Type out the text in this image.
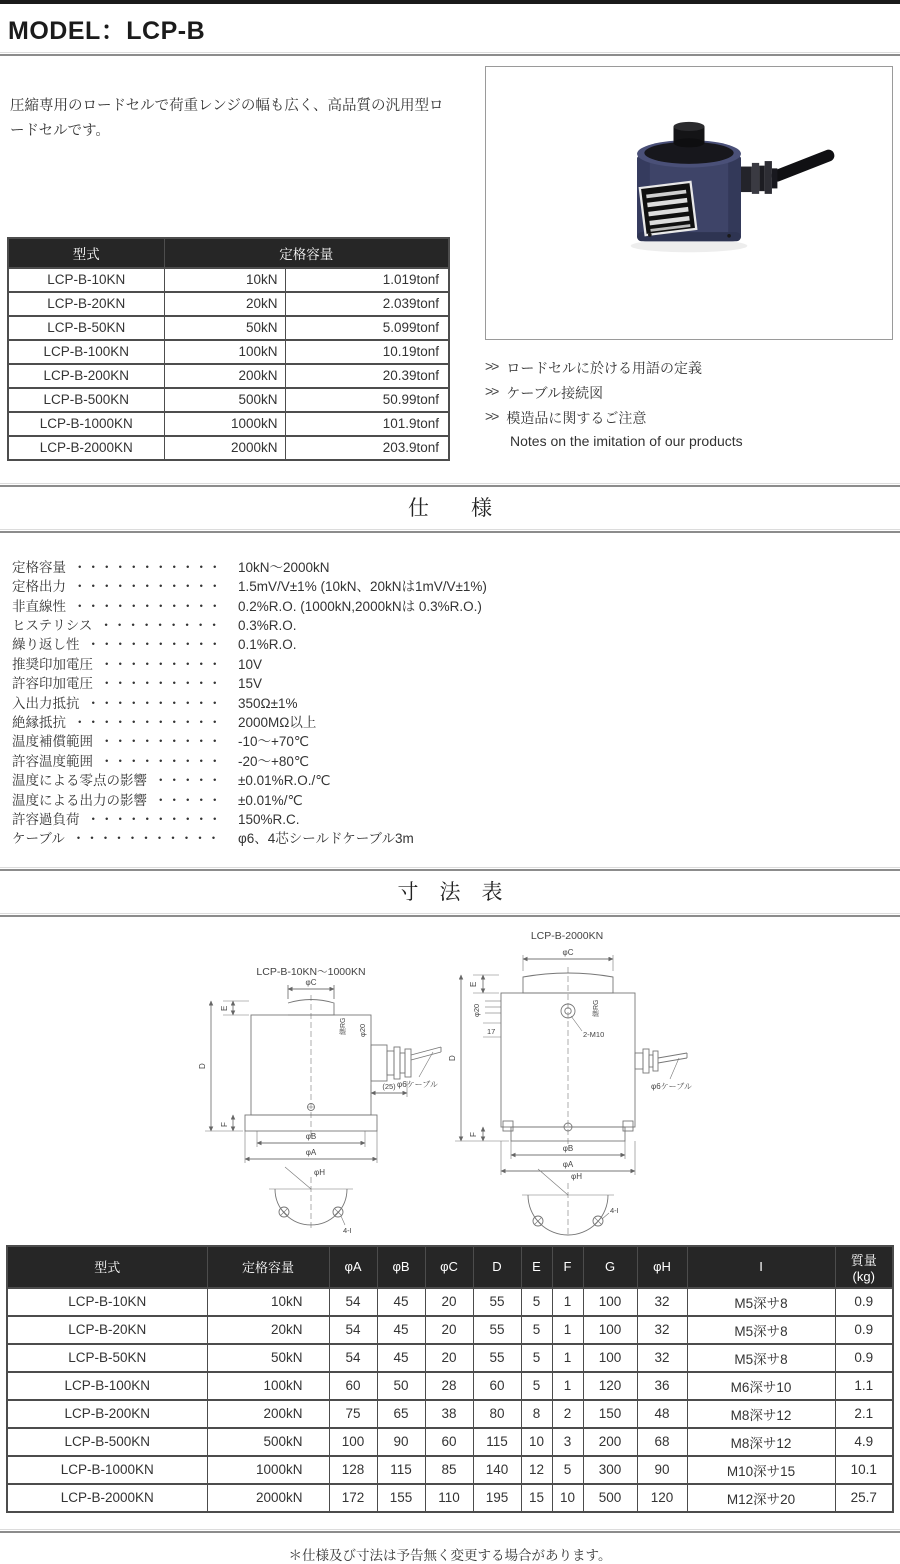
MODEL：LCP-B

圧縮専用のロードセルで荷重レンジの幅も広く、高品質の汎用型ロードセルです。

型式	定格容量	
LCP-B-10KN	10kN	1.019tonf
LCP-B-20KN	20kN	2.039tonf
LCP-B-50KN	50kN	5.099tonf
LCP-B-100KN	100kN	10.19tonf
LCP-B-200KN	200kN	20.39tonf
LCP-B-500KN	500kN	50.99tonf
LCP-B-1000KN	1000kN	101.9tonf
LCP-B-2000KN	2000kN	203.9tonf
>> ロードセルに於ける用語の定義
>> ケーブル接続図
>> 模造品に関するご注意
Notes on the imitation of our products
仕　　様
定格容量 ・・・・・・・・・・・	10kN～2000kN
定格出力 ・・・・・・・・・・・	1.5mV/V±1% (10kN、20kNは1mV/V±1%)
非直線性 ・・・・・・・・・・・	0.2%R.O. (1000kN,2000kNは 0.3%R.O.)
ヒステリシス ・・・・・・・・・	0.3%R.O.
繰り返し性 ・・・・・・・・・・	0.1%R.O.
推奨印加電圧 ・・・・・・・・・	10V
許容印加電圧 ・・・・・・・・・	15V
入出力抵抗 ・・・・・・・・・・	350Ω±1%
絶縁抵抗 ・・・・・・・・・・・	2000MΩ以上
温度補償範囲 ・・・・・・・・・	-10～+70℃
許容温度範囲 ・・・・・・・・・	-20～+80℃
温度による零点の影響 ・・・・・	±0.01%R.O./℃
温度による出力の影響 ・・・・・	±0.01%/℃
許容過負荷 ・・・・・・・・・・	150%R.C.
ケーブル ・・・・・・・・・・・	φ6、4芯シールドケーブル3m
寸　法　表
LCP-B-10KN～1000KN
φC
E
D
F
φ6ケーブル
φ20
継RG
(25)
φB
φA
φH
4-I
LCP-B-2000KN
φC
2-M10
継RG
φ20
17
E
D
F
φ6ケーブル
φB
φA
φH
4-I
型式	定格容量	φA	φB	φC	D	E	F	G	φH	I	質量
(kg)

LCP-B-10KN	10kN	54	45	20	55	5	1	100	32	M5深サ8	0.9
LCP-B-20KN	20kN	54	45	20	55	5	1	100	32	M5深サ8	0.9
LCP-B-50KN	50kN	54	45	20	55	5	1	100	32	M5深サ8	0.9
LCP-B-100KN	100kN	60	50	28	60	5	1	120	36	M6深サ10	1.1
LCP-B-200KN	200kN	75	65	38	80	8	2	150	48	M8深サ12	2.1
LCP-B-500KN	500kN	100	90	60	115	10	3	200	68	M8深サ12	4.9
LCP-B-1000KN	1000kN	128	115	85	140	12	5	300	90	M10深サ15	10.1
LCP-B-2000KN	2000kN	172	155	110	195	15	10	500	120	M12深サ20	25.7
＊仕様及び寸法は予告無く変更する場合があります。
